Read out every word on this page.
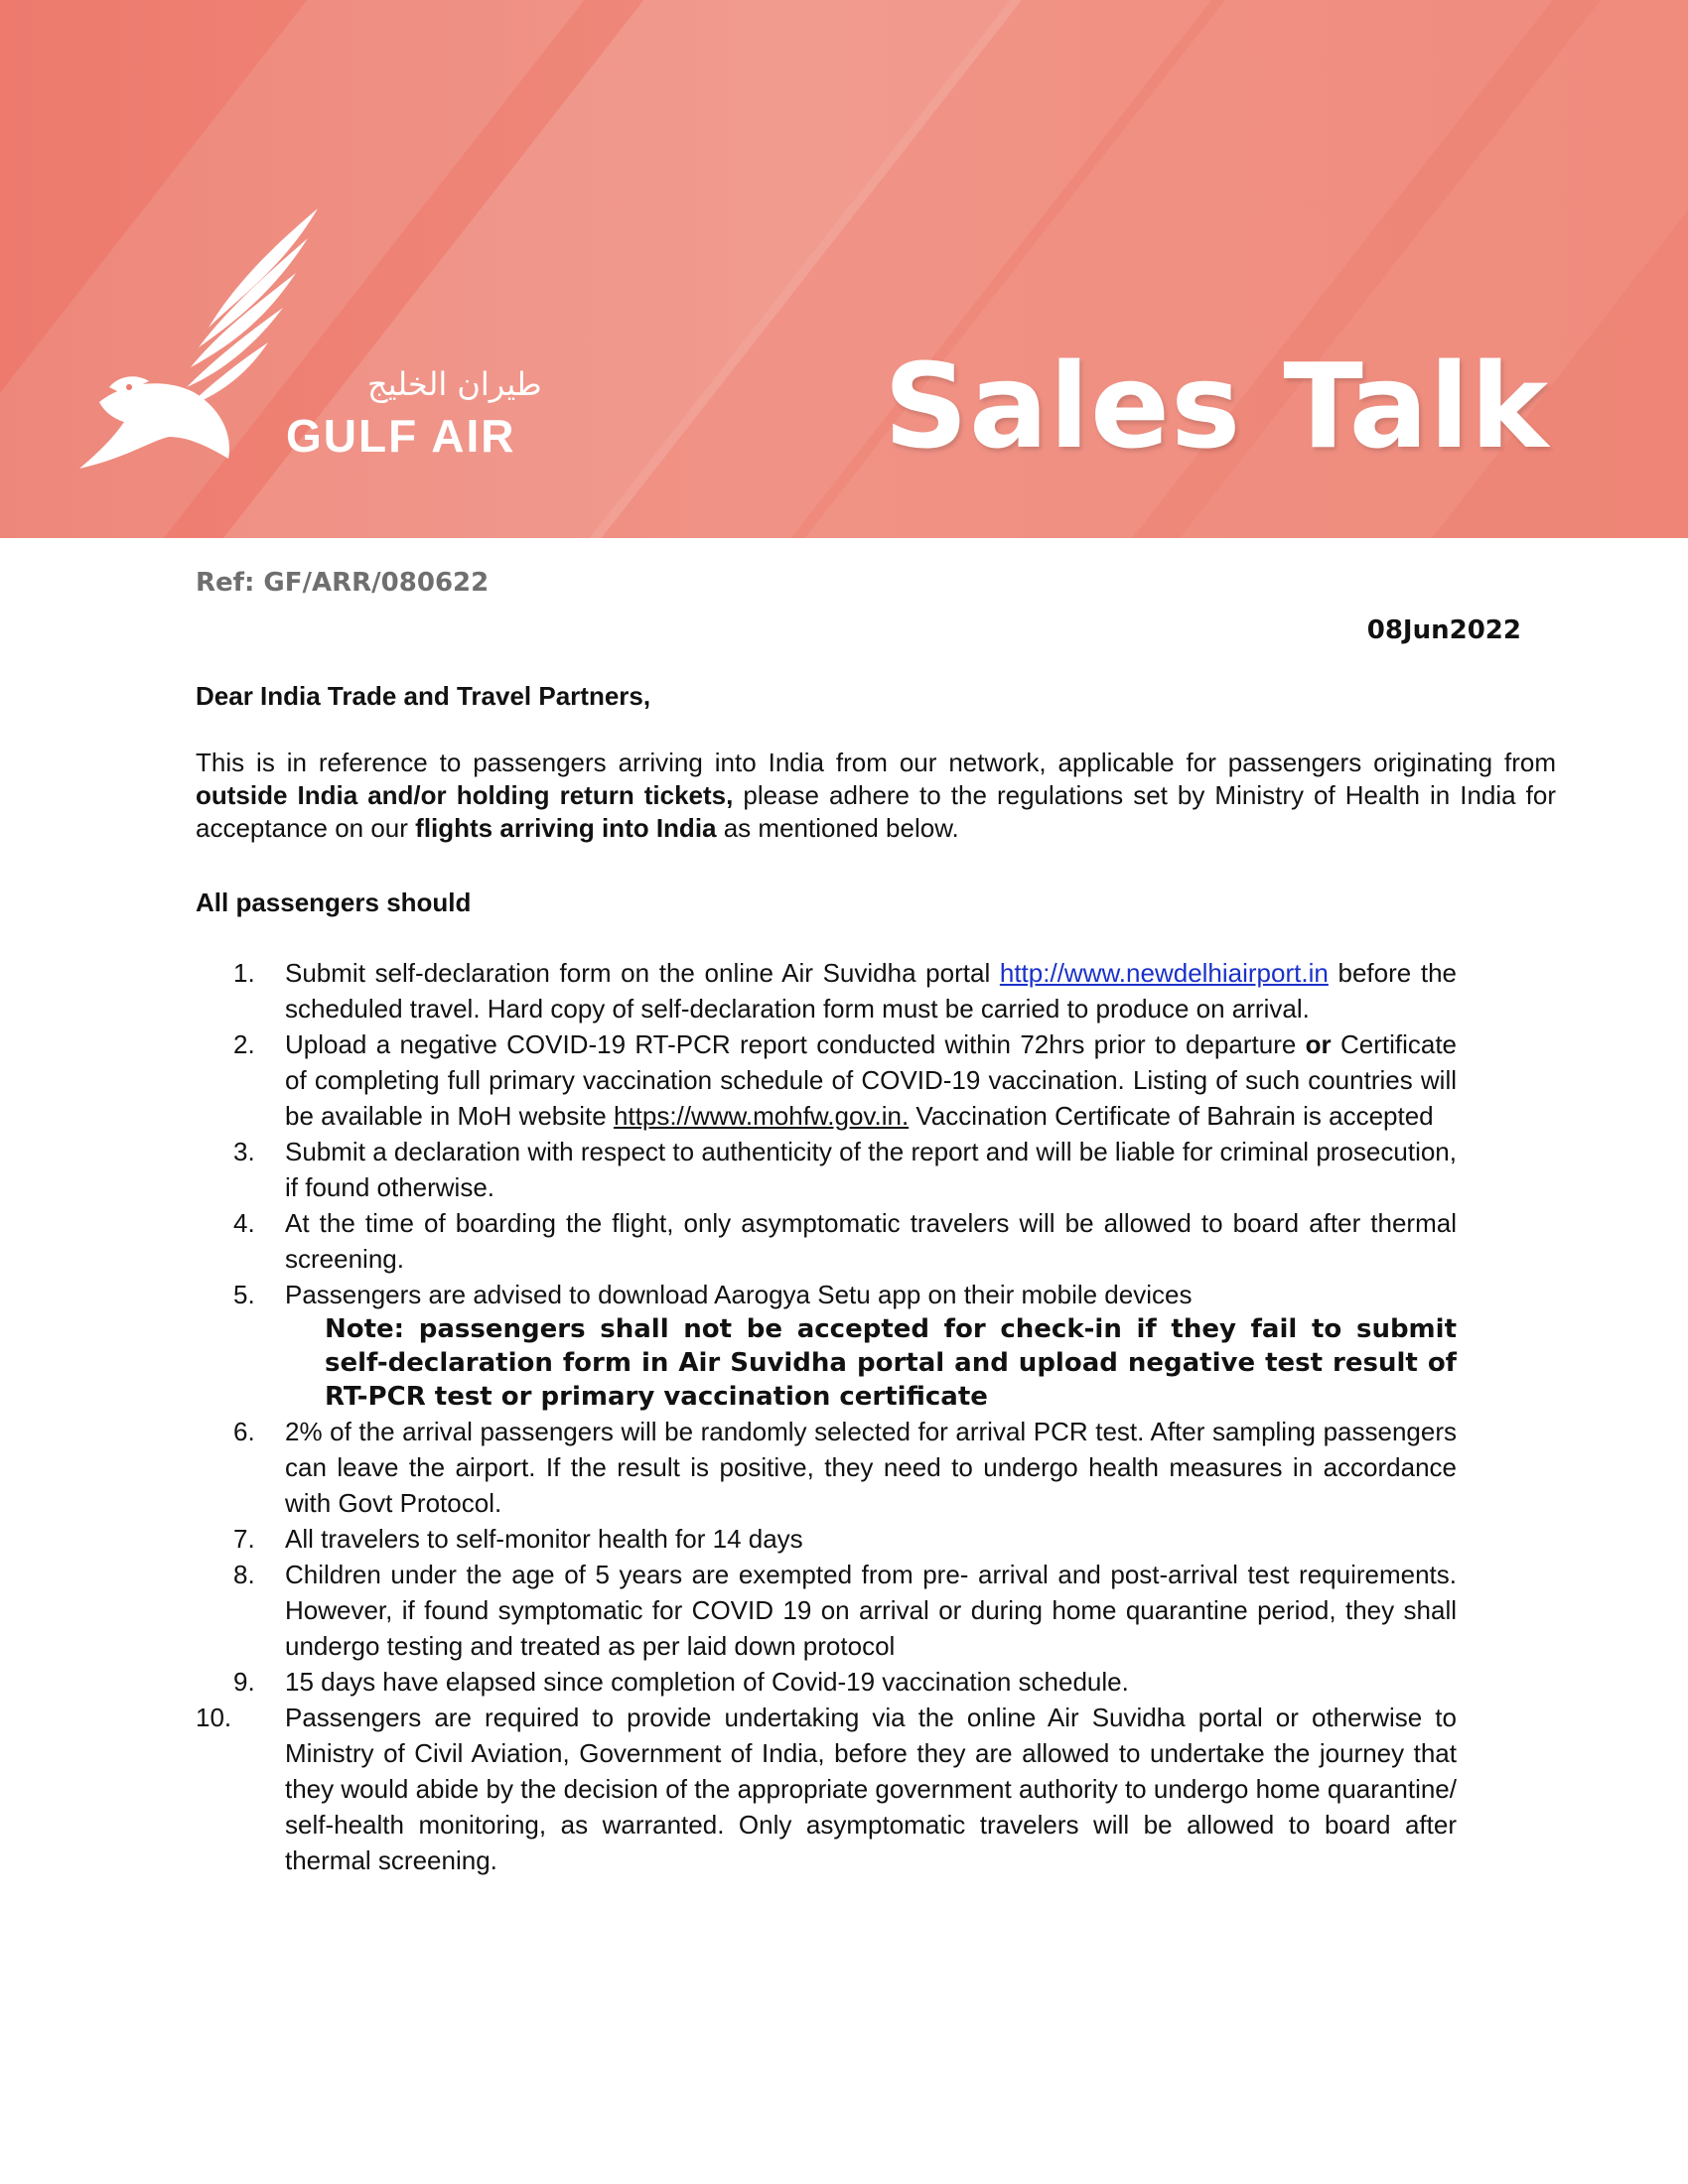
طيران الخليج
GULF AIR	Sales Talk
Ref: GF/ARR/080622
08Jun2022
Dear India Trade and Travel Partners,
This is in reference to passengers arriving into India from our network, applicable for passengers originating from outside India and/or holding return tickets, please adhere to the regulations set by Ministry of Health in India for acceptance on our flights arriving into India as mentioned below.
All passengers should
1. Submit self-declaration form on the online Air Suvidha portal http://www.newdelhiairport.in before the scheduled travel. Hard copy of self-declaration form must be carried to produce on arrival.
2. Upload a negative COVID-19 RT-PCR report conducted within 72hrs prior to departure or Certificate of completing full primary vaccination schedule of COVID-19 vaccination. Listing of such countries will be available in MoH website https://www.mohfw.gov.in. Vaccination Certificate of Bahrain is accepted
3. Submit a declaration with respect to authenticity of the report and will be liable for criminal prosecution, if found otherwise.
4. At the time of boarding the flight, only asymptomatic travelers will be allowed to board after thermal screening.
5. Passengers are advised to download Aarogya Setu app on their mobile devices
Note: passengers shall not be accepted for check-in if they fail to submit self-declaration form in Air Suvidha portal and upload negative test result of RT-PCR test or primary vaccination certificate
6. 2% of the arrival passengers will be randomly selected for arrival PCR test. After sampling passengers can leave the airport. If the result is positive, they need to undergo health measures in accordance with Govt Protocol.
7. All travelers to self-monitor health for 14 days
8. Children under the age of 5 years are exempted from pre- arrival and post-arrival test requirements. However, if found symptomatic for COVID 19 on arrival or during home quarantine period, they shall undergo testing and treated as per laid down protocol
9. 15 days have elapsed since completion of Covid-19 vaccination schedule.
10. Passengers are required to provide undertaking via the online Air Suvidha portal or otherwise to Ministry of Civil Aviation, Government of India, before they are allowed to undertake the journey that they would abide by the decision of the appropriate government authority to undergo home quarantine/ self-health monitoring, as warranted. Only asymptomatic travelers will be allowed to board after thermal screening.
